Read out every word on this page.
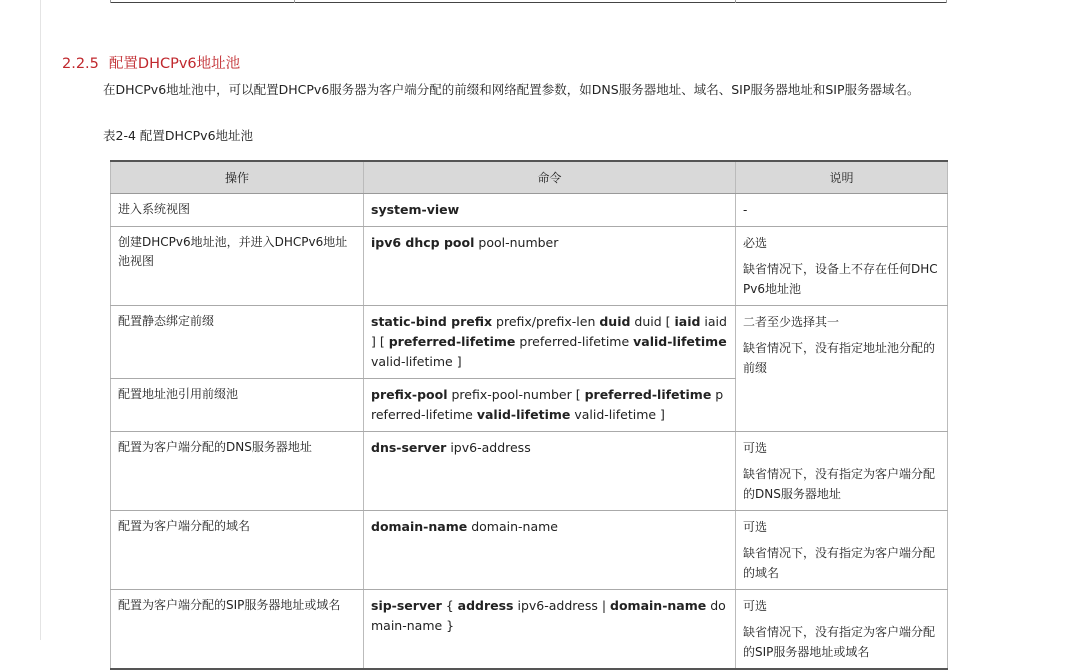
2.2.5 配置DHCPv6地址池
在DHCPv6地址池中，可以配置DHCPv6服务器为客户端分配的前缀和网络配置参数，如DNS服务器地址、域名、SIP服务器地址和SIP服务器域名。
表2-4 配置DHCPv6地址池
操作	命令	说明
进入系统视图	system-view	-

创建DHCPv6地址池，并进入DHCPv6地址池视图	ipv6 dhcp pool pool-number	必选

缺省情况下，设备上不存在任何DHCPv6地址池

配置静态绑定前缀	static-bind prefix prefix/prefix-len duid duid [ iaid iaid ] [ preferred-lifetime preferred-lifetime valid-lifetime valid-lifetime ]	二者至少选择其一

缺省情况下，没有指定地址池分配的前缀

配置地址池引用前缀池	prefix-pool prefix-pool-number [ preferred-lifetime preferred-lifetime valid-lifetime valid-lifetime ]	
配置为客户端分配的DNS服务器地址	dns-server ipv6-address	可选

缺省情况下，没有指定为客户端分配的DNS服务器地址

配置为客户端分配的域名	domain-name domain-name	可选

缺省情况下，没有指定为客户端分配的域名

配置为客户端分配的SIP服务器地址或域名	sip-server { address ipv6-address | domain-name domain-name }	可选

缺省情况下，没有指定为客户端分配的SIP服务器地址或域名
